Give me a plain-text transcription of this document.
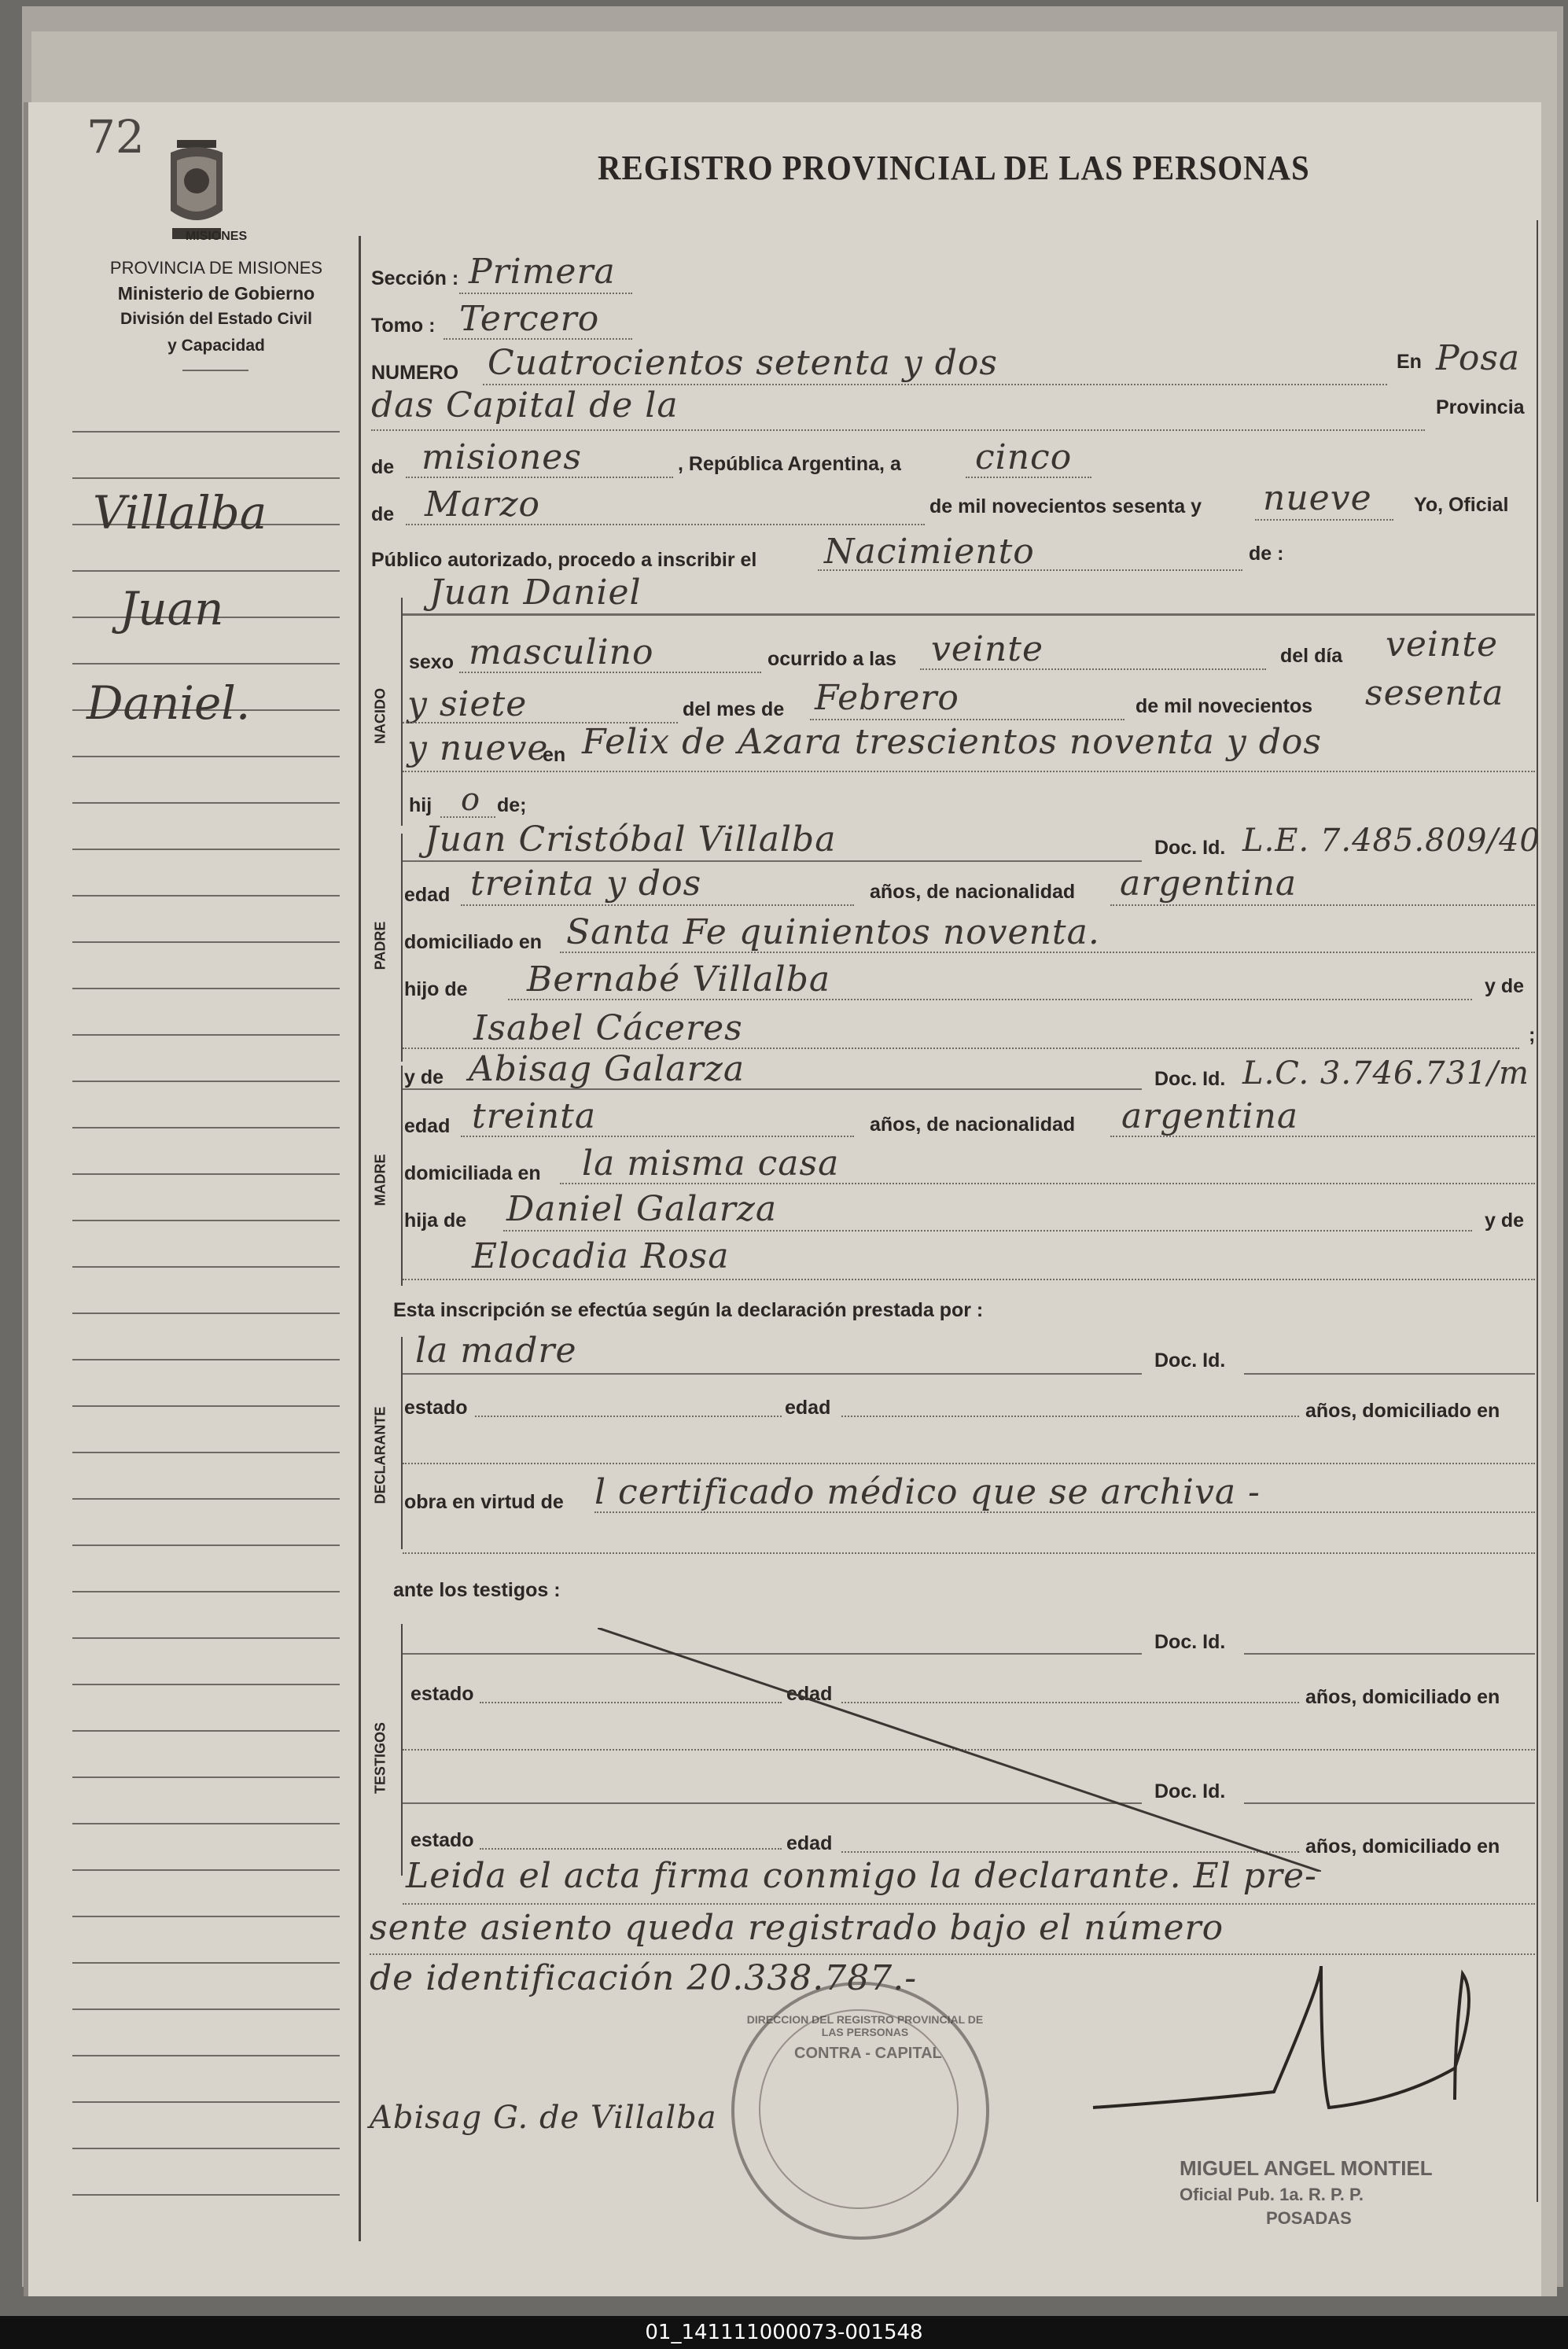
72
REGISTRO PROVINCIAL DE LAS PERSONAS
MISIONES
PROVINCIA DE MISIONES
Ministerio de Gobierno
División del Estado Civil
y Capacidad
Villalba
Juan
Daniel.	NACIDO
PADRE
MADRE
DECLARANTE
TESTIGOS
Sección : Primera
Tomo : Tercero
NUMERO Cuatrocientos setenta y dos	En Posa
das Capital de la	Provincia
de misiones	, República Argentina, a cinco
de Marzo	de mil novecientos sesenta y nueve Yo, Oficial
Público autorizado, procedo a inscribir el Nacimiento	de :
Juan Daniel
sexo masculino	ocurrido a las veinte	del día veinte
y siete	del mes de Febrero	de mil novecientos sesenta
y nueve
en Felix de Azara trescientos noventa y dos
hij o de;
Juan Cristóbal Villalba	Doc. Id. L.E. 7.485.809/40
edad treinta y dos	años, de nacionalidad argentina
domiciliado en Santa Fe quinientos noventa.
hijo de Bernabé Villalba	y de
Isabel Cáceres	;
y de Abisag Galarza	Doc. Id. L.C. 3.746.731/m
edad treinta	años, de nacionalidad argentina
domiciliada en la misma casa
hija de Daniel Galarza	y de
Elocadia Rosa
Esta inscripción se efectúa según la declaración prestada por :
la madre	Doc. Id.
estado	edad	años, domiciliado en
obra en virtud de l certificado médico que se archiva -
ante los testigos :
Doc. Id.
estado	edad	años, domiciliado en
Doc. Id.
estado	edad	años, domiciliado en
Leida el acta firma conmigo la declarante. El pre-
sente asiento queda registrado bajo el número
de identificación 20.338.787.-
Abisag G. de Villalba
CONTRA - CAPITAL
DIRECCION DEL REGISTRO PROVINCIAL DE LAS PERSONAS
MIGUEL ANGEL MONTIEL
Oficial Pub. 1a. R. P. P.
POSADAS
01_141111000073-001548
